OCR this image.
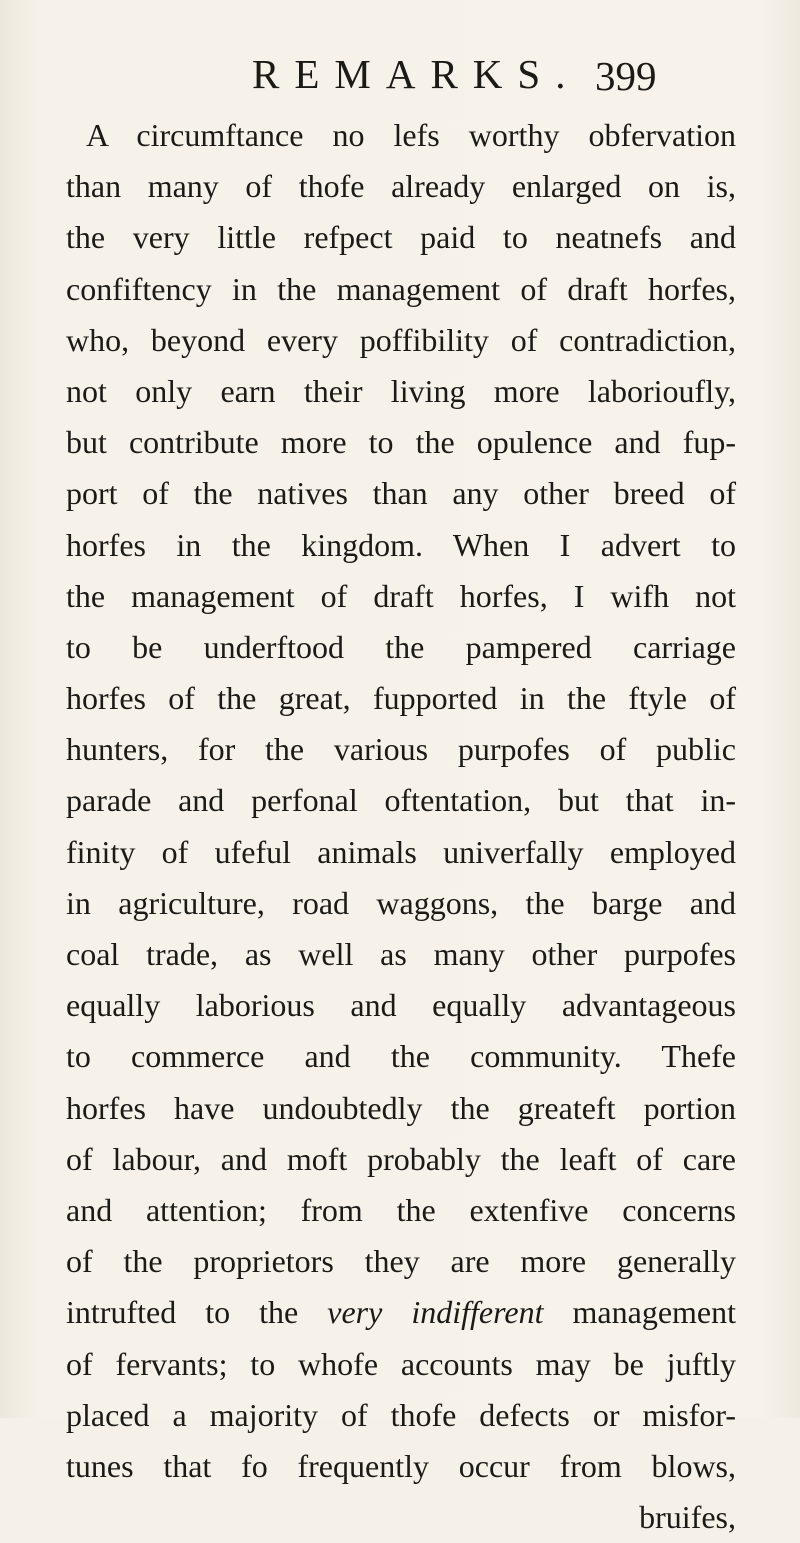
REMARKS. 399
A circumftance no lefs worthy obfervation
than many of thofe already enlarged on is,
the very little refpect paid to neatnefs and
confiftency in the management of draft horfes,
who, beyond every poffibility of contradiction,
not only earn their living more laborioufly,
but contribute more to the opulence and fup-
port of the natives than any other breed of
horfes in the kingdom. When I advert to
the management of draft horfes, I wifh not
to be underftood the pampered carriage
horfes of the great, fupported in the ftyle of
hunters, for the various purpofes of public
parade and perfonal oftentation, but that in-
finity of ufeful animals univerfally employed
in agriculture, road waggons, the barge and
coal trade, as well as many other purpofes
equally laborious and equally advantageous
to commerce and the community. Thefe
horfes have undoubtedly the greateft portion
of labour, and moft probably the leaft of care
and attention; from the extenfive concerns
of the proprietors they are more generally
intrufted to the very indifferent management
of fervants; to whofe accounts may be juftly
placed a majority of thofe defects or misfor-
tunes that fo frequently occur from blows,
bruifes,
